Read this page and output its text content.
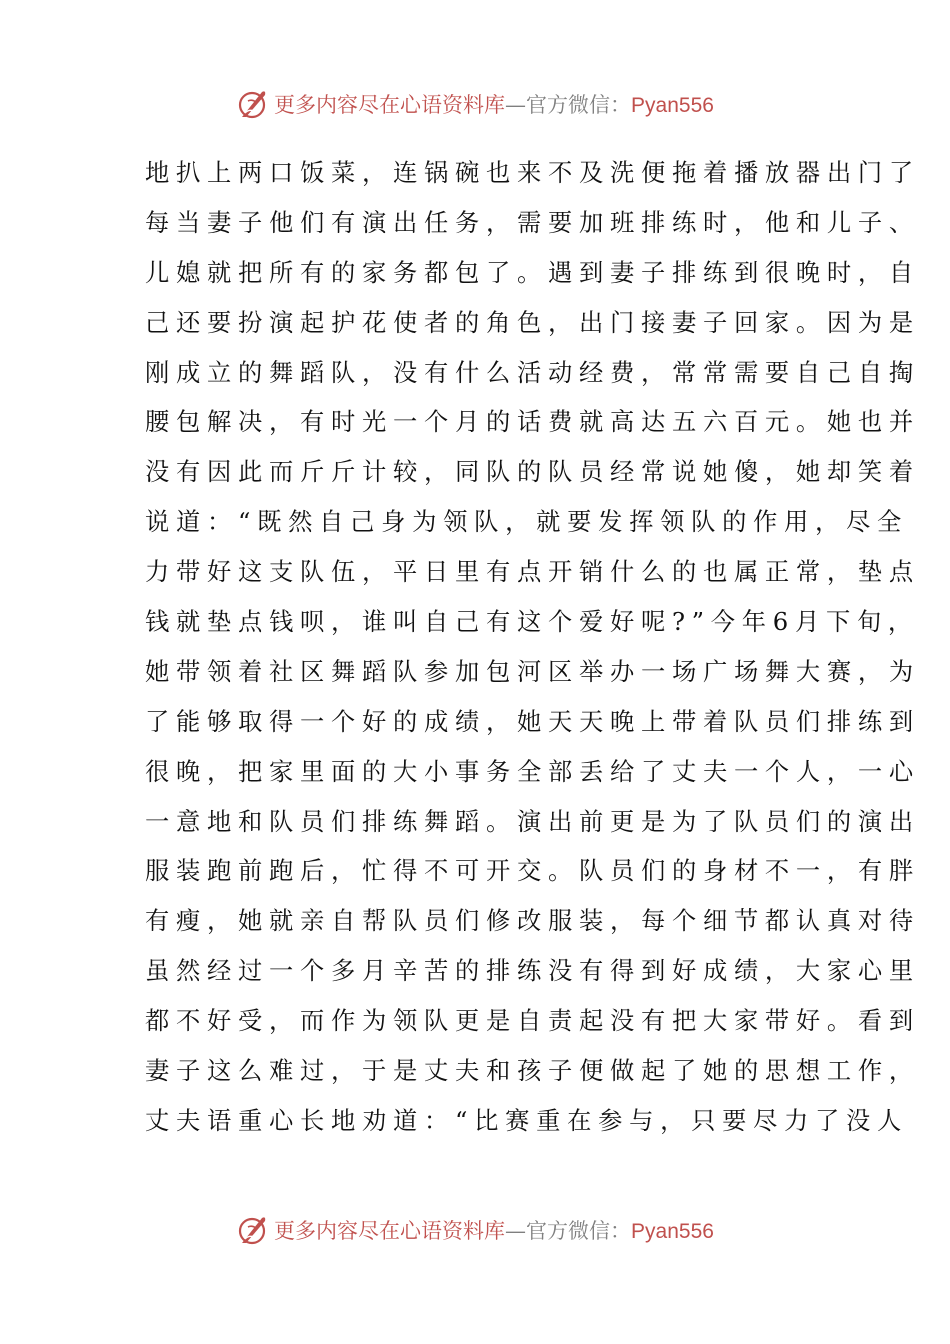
更多内容尽在心语资料库 —官方微信： Pyan556
地扒上两口饭菜，连锅碗也来不及洗便拖着播放器出门了
每当妻子他们有演出任务，需要加班排练时，他和儿子、
儿媳就把所有的家务都包了。遇到妻子排练到很晚时，自
己还要扮演起护花使者的角色，出门接妻子回家。因为是
刚成立的舞蹈队，没有什么活动经费，常常需要自己自掏
腰包解决，有时光一个月的话费就高达五六百元。她也并
没有因此而斤斤计较，同队的队员经常说她傻，她却笑着
说道：“既然自己身为领队，就要发挥领队的作用，尽全
力带好这支队伍，平日里有点开销什么的也属正常，垫点
钱就垫点钱呗，谁叫自己有这个爱好呢?”今年6月下旬，
她带领着社区舞蹈队参加包河区举办一场广场舞大赛，为
了能够取得一个好的成绩，她天天晚上带着队员们排练到
很晚，把家里面的大小事务全部丢给了丈夫一个人，一心
一意地和队员们排练舞蹈。演出前更是为了队员们的演出
服装跑前跑后，忙得不可开交。队员们的身材不一，有胖
有瘦，她就亲自帮队员们修改服装，每个细节都认真对待
虽然经过一个多月辛苦的排练没有得到好成绩，大家心里
都不好受，而作为领队更是自责起没有把大家带好。看到
妻子这么难过，于是丈夫和孩子便做起了她的思想工作，
丈夫语重心长地劝道：“比赛重在参与，只要尽力了没人
更多内容尽在心语资料库 —官方微信： Pyan556
